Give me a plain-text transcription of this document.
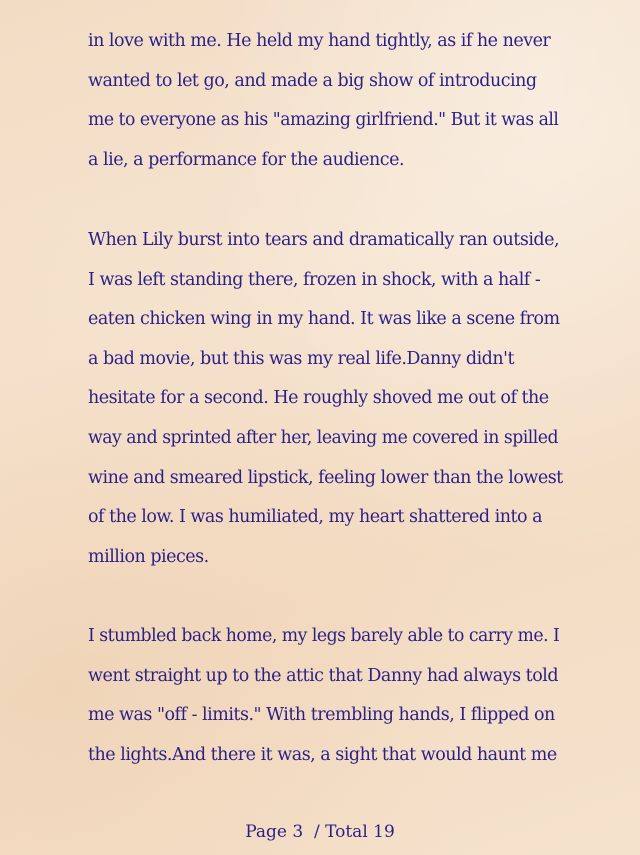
in love with me. He held my hand tightly, as if he never
wanted to let go, and made a big show of introducing
me to everyone as his "amazing girlfriend." But it was all
a lie, a performance for the audience.
When Lily burst into tears and dramatically ran outside,
I was left standing there, frozen in shock, with a half -
eaten chicken wing in my hand. It was like a scene from
a bad movie, but this was my real life.Danny didn't
hesitate for a second. He roughly shoved me out of the
way and sprinted after her, leaving me covered in spilled
wine and smeared lipstick, feeling lower than the lowest
of the low. I was humiliated, my heart shattered into a
million pieces.
I stumbled back home, my legs barely able to carry me. I
went straight up to the attic that Danny had always told
me was "off - limits." With trembling hands, I flipped on
the lights.And there it was, a sight that would haunt me
Page 3  / Total 19
